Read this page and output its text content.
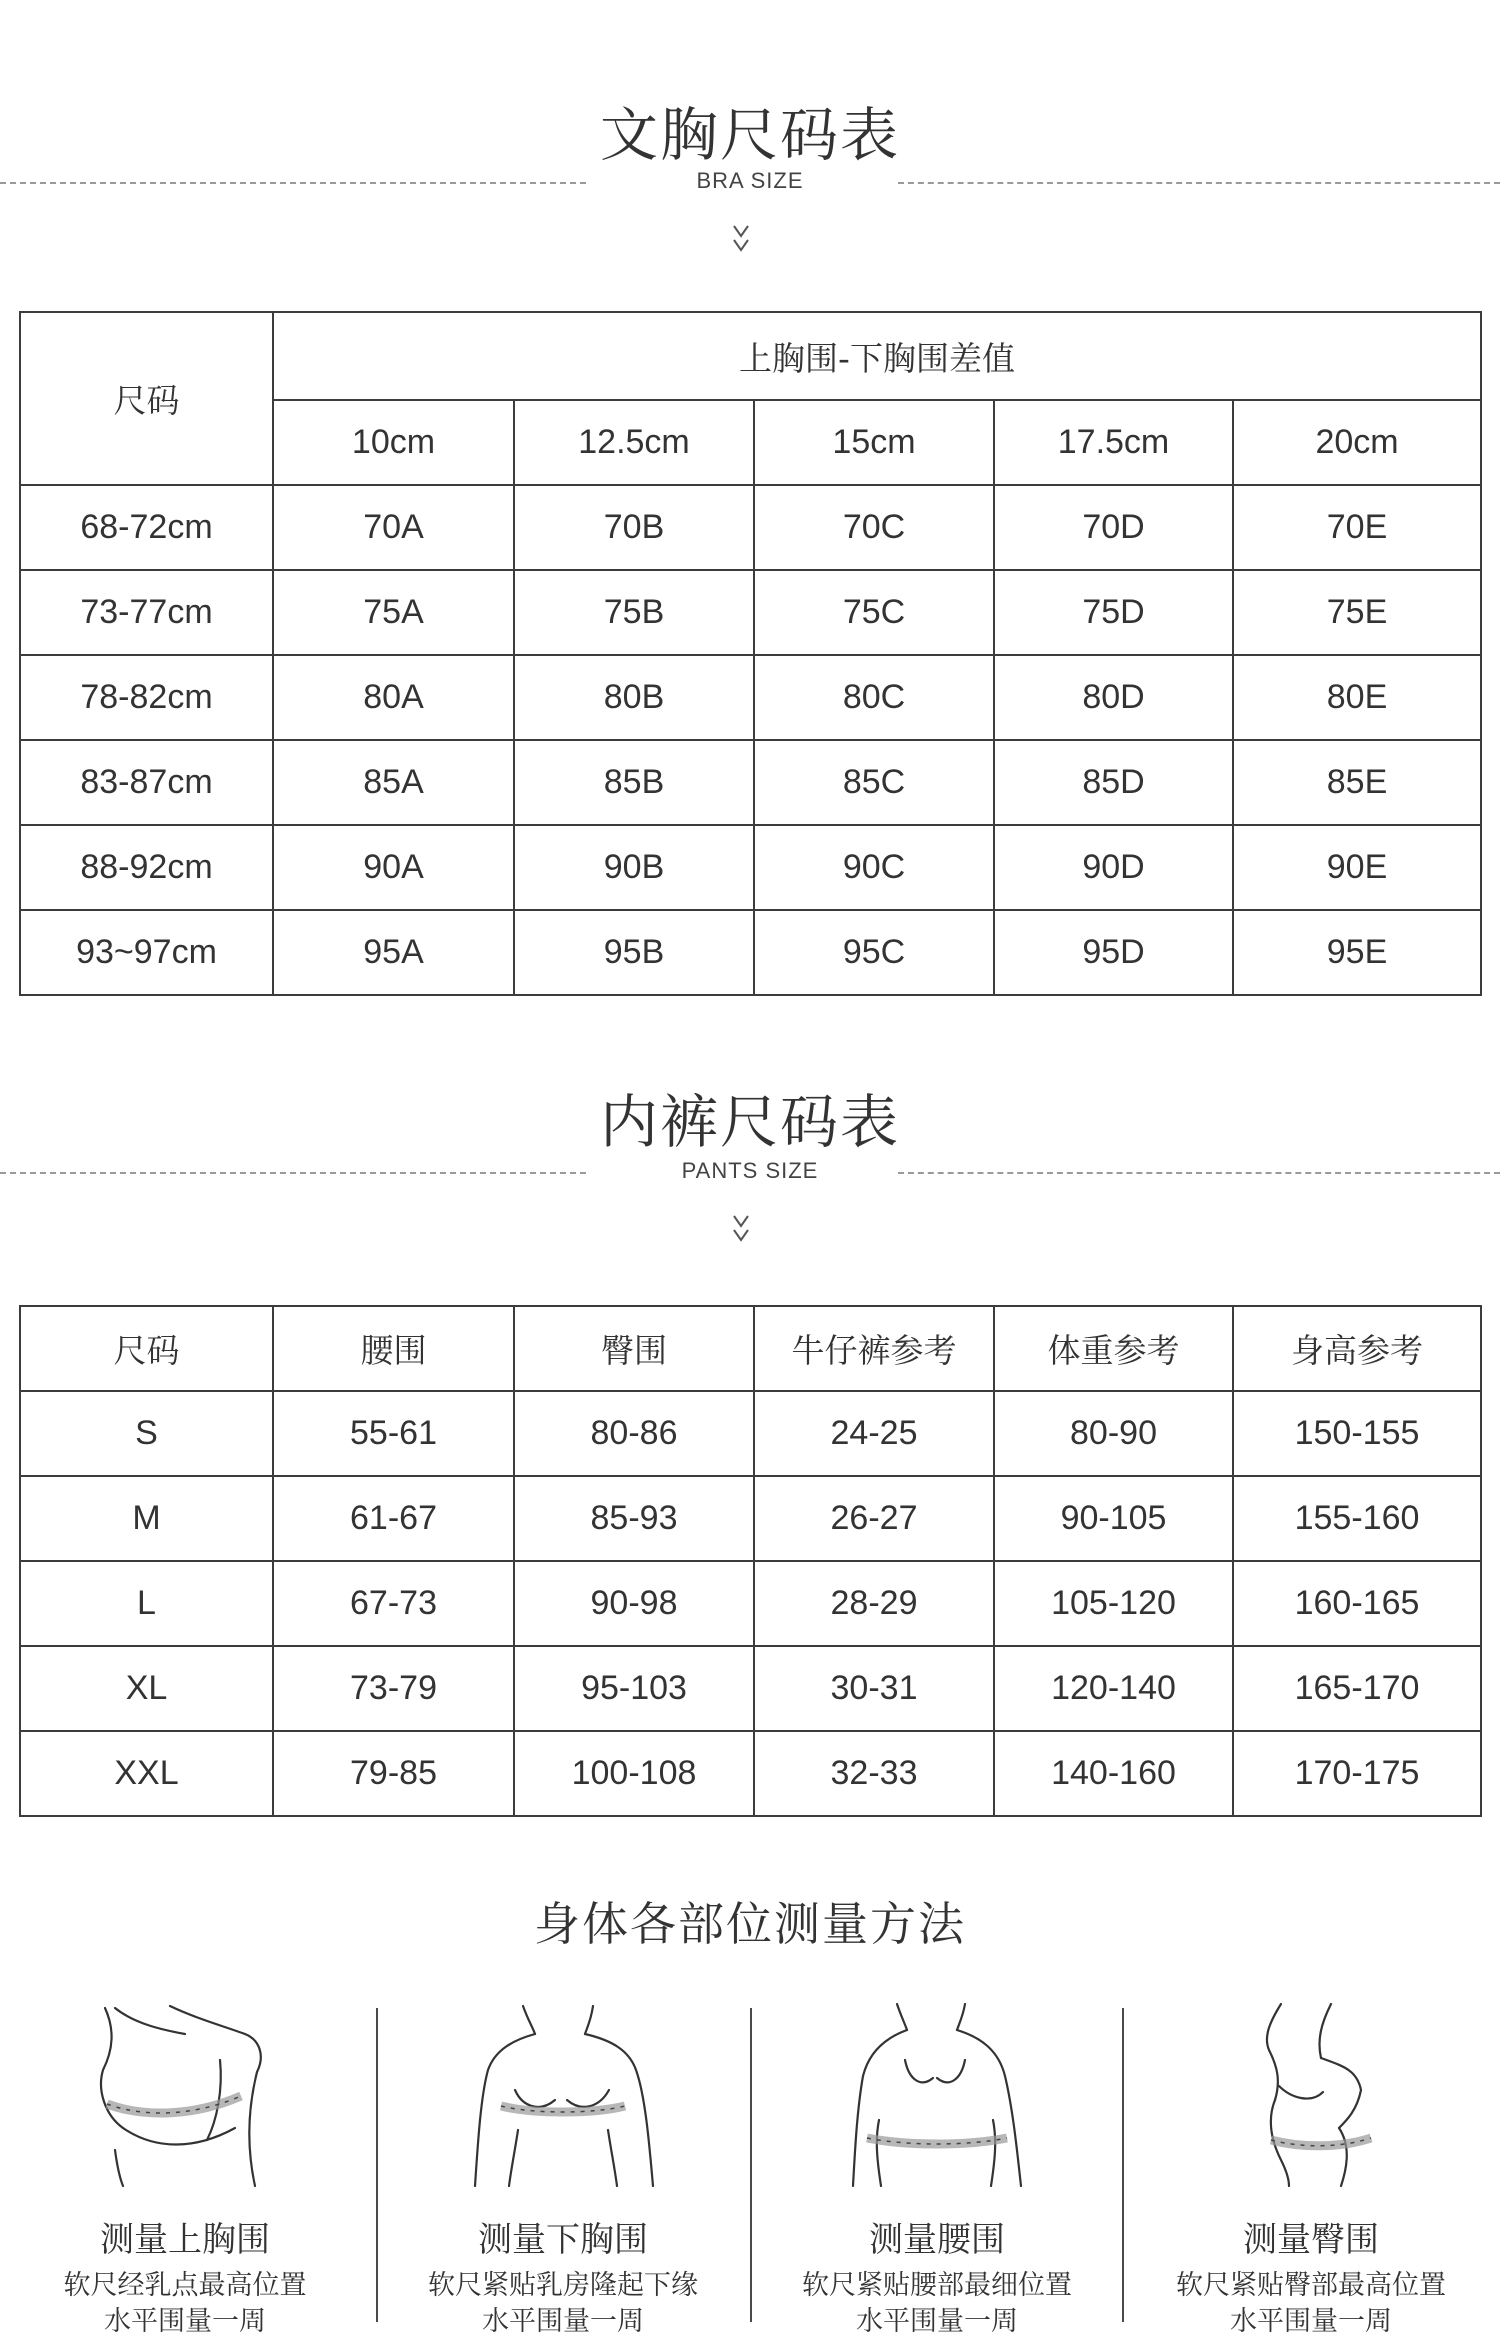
文胸尺码表
BRA SIZE
尺码	上胸围-下胸围差值				
	10cm	12.5cm	15cm	17.5cm	20cm
68-72cm	70A	70B	70C	70D	70E
73-77cm	75A	75B	75C	75D	75E
78-82cm	80A	80B	80C	80D	80E
83-87cm	85A	85B	85C	85D	85E
88-92cm	90A	90B	90C	90D	90E
93~97cm	95A	95B	95C	95D	95E
内裤尺码表
PANTS SIZE
尺码	腰围	臀围	牛仔裤参考	体重参考	身高参考
S	55-61	80-86	24-25	80-90	150-155
M	61-67	85-93	26-27	90-105	155-160
L	67-73	90-98	28-29	105-120	160-165
XL	73-79	95-103	30-31	120-140	165-170
XXL	79-85	100-108	32-33	140-160	170-175
身体各部位测量方法
测量上胸围
软尺经乳点最高位置
水平围量一周
测量下胸围
软尺紧贴乳房隆起下缘
水平围量一周
测量腰围
软尺紧贴腰部最细位置
水平围量一周
测量臀围
软尺紧贴臀部最高位置
水平围量一周
